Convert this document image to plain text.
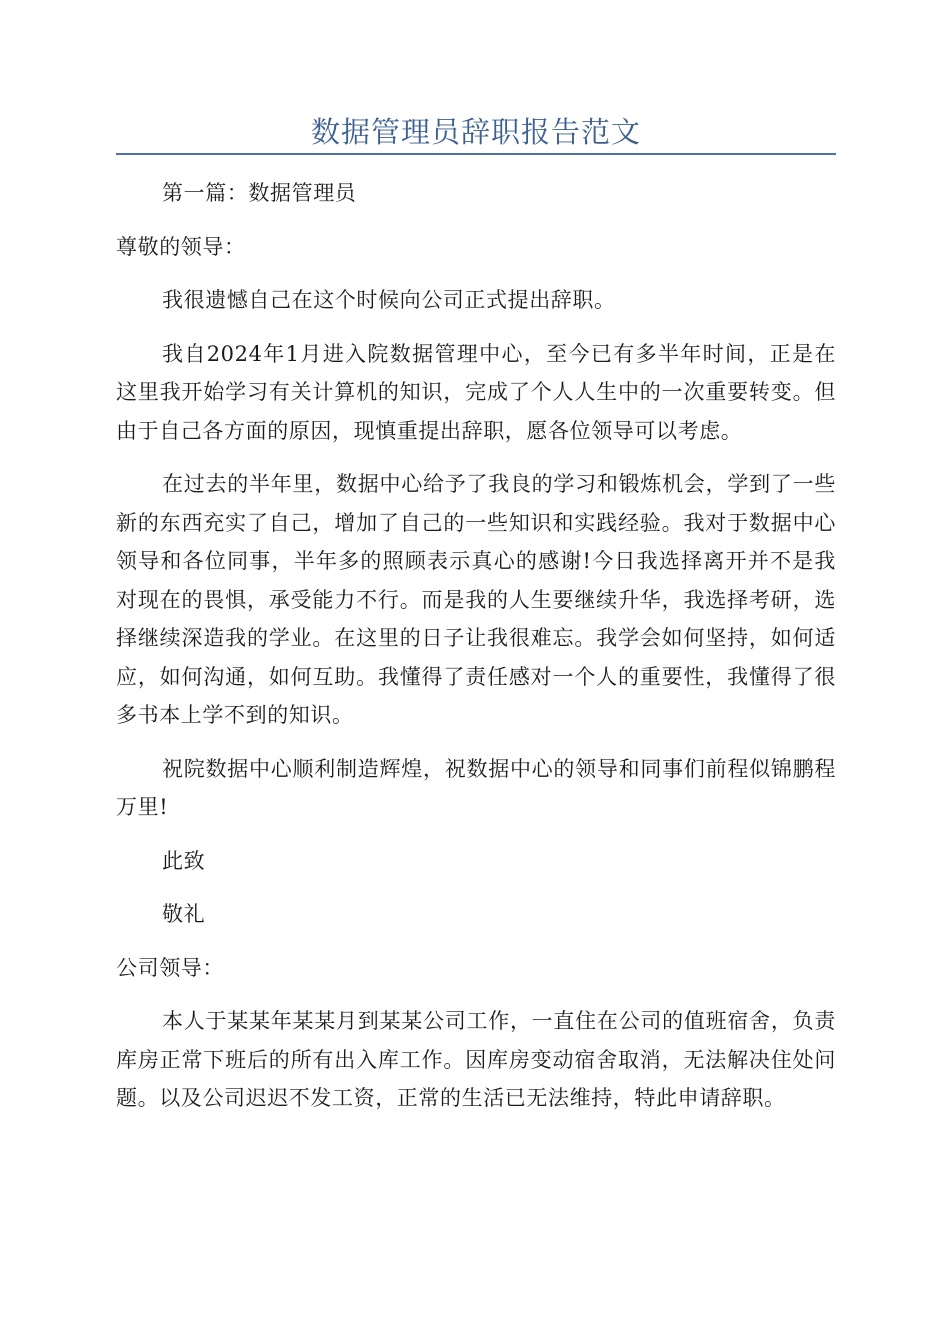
数据管理员辞职报告范文

第一篇：数据管理员

尊敬的领导：

我很遗憾自己在这个时候向公司正式提出辞职。

我自2024年1月进入院数据管理中心，至今已有多半年时间，正是在这里我开始学习有关计算机的知识，完成了个人人生中的一次重要转变。但由于自己各方面的原因，现慎重提出辞职，愿各位领导可以考虑。

在过去的半年里，数据中心给予了我良的学习和锻炼机会，学到了一些新的东西充实了自己，增加了自己的一些知识和实践经验。我对于数据中心领导和各位同事，半年多的照顾表示真心的感谢!今日我选择离开并不是我对现在的畏惧，承受能力不行。而是我的人生要继续升华，我选择考研，选择继续深造我的学业。在这里的日子让我很难忘。我学会如何坚持，如何适应，如何沟通，如何互助。我懂得了责任感对一个人的重要性，我懂得了很多书本上学不到的知识。

祝院数据中心顺利制造辉煌，祝数据中心的领导和同事们前程似锦鹏程万里!

此致

敬礼

公司领导：

本人于某某年某某月到某某公司工作，一直住在公司的值班宿舍，负责库房正常下班后的所有出入库工作。因库房变动宿舍取消，无法解决住处问题。以及公司迟迟不发工资，正常的生活已无法维持，特此申请辞职。
